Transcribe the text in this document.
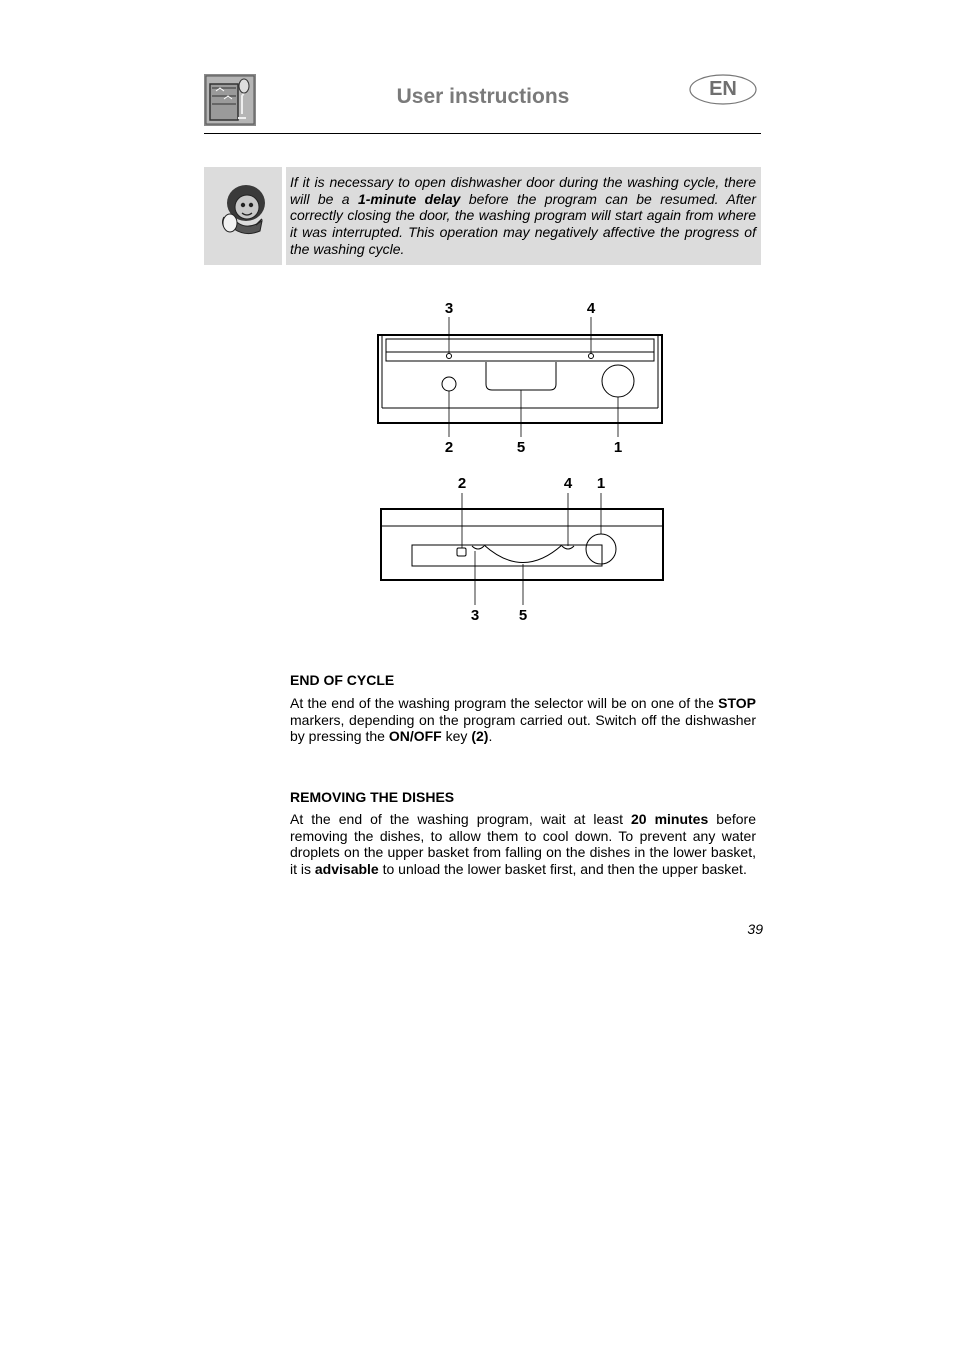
User instructions	EN
If it is necessary to open dishwasher door during the washing cycle, there will be a 1-minute delay before the program can be resumed. After correctly closing the door, the washing program will start again from where it was interrupted. This operation may negatively affective the progress of the washing cycle.
3	4
2	5	1
2	4 1
3	5
END OF CYCLE
At the end of the washing program the selector will be on one of the STOP markers, depending on the program carried out. Switch off the dishwasher by pressing the ON/OFF key (2).
REMOVING THE DISHES
At the end of the washing program, wait at least 20 minutes before removing the dishes, to allow them to cool down. To prevent any water droplets on the upper basket from falling on the dishes in the lower basket, it is advisable to unload the lower basket first, and then the upper basket.
39
